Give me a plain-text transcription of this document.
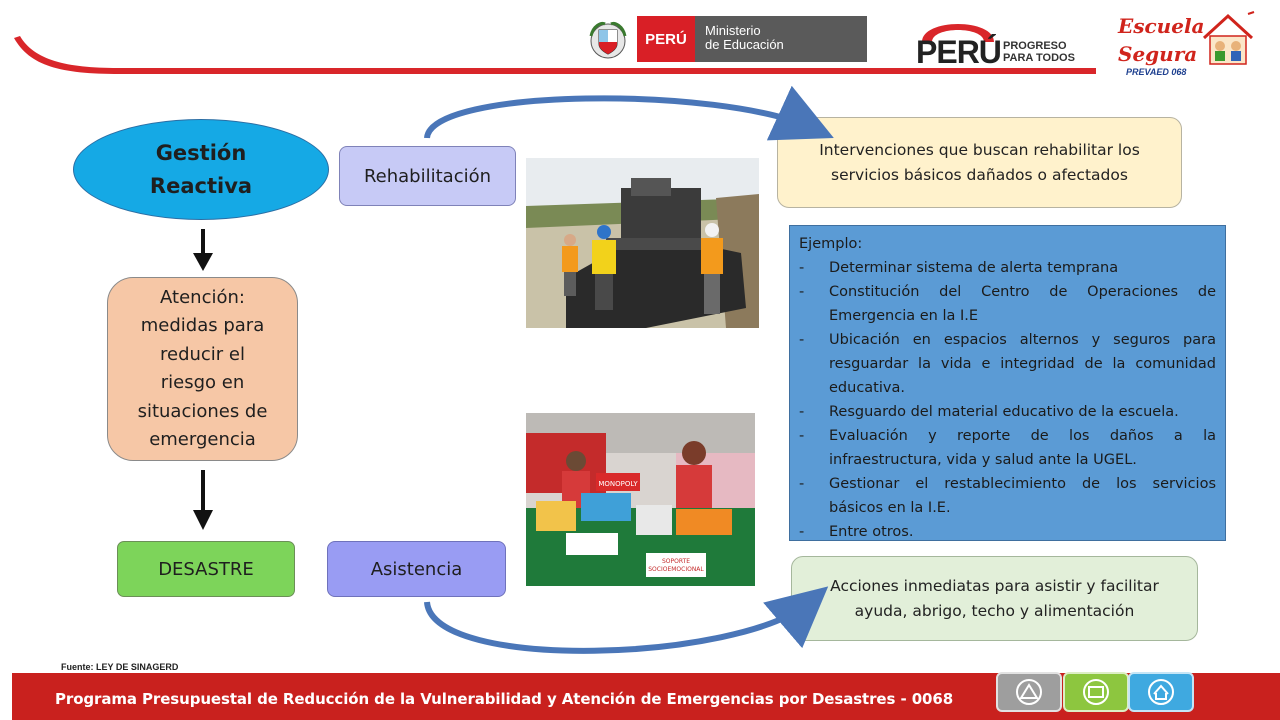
PERÚ	Ministerio
de Educación	PERÚ PROGRESO
PARA TODOS
Escuela
Segura
PREVAED 068
Gestión
Reactiva
Atención:
medidas para
reducir el
riesgo en
situaciones de
emergencia
DESASTRE
Rehabilitación
Asistencia
Intervenciones que buscan rehabilitar los
servicios básicos dañados o afectados
Acciones inmediatas para asistir y facilitar
ayuda, abrigo, techo y alimentación
Ejemplo:
-	Determinar sistema de alerta temprana
-	Constitución del Centro de Operaciones de Emergencia en la I.E
-	Ubicación en espacios alternos y seguros para resguardar la vida e integridad de la comunidad educativa.
-	Resguardo del material educativo de la escuela.
-	Evaluación y reporte de los daños a la infraestructura, vida y salud ante la UGEL.
-	Gestionar el restablecimiento de los servicios básicos en la I.E.
-	Entre otros.
MONOPOLY
SOPORTE
SOCIOEMOCIONAL
Fuente: LEY DE SINAGERD
Programa Presupuestal de Reducción de la Vulnerabilidad y Atención de Emergencias por Desastres - 0068
